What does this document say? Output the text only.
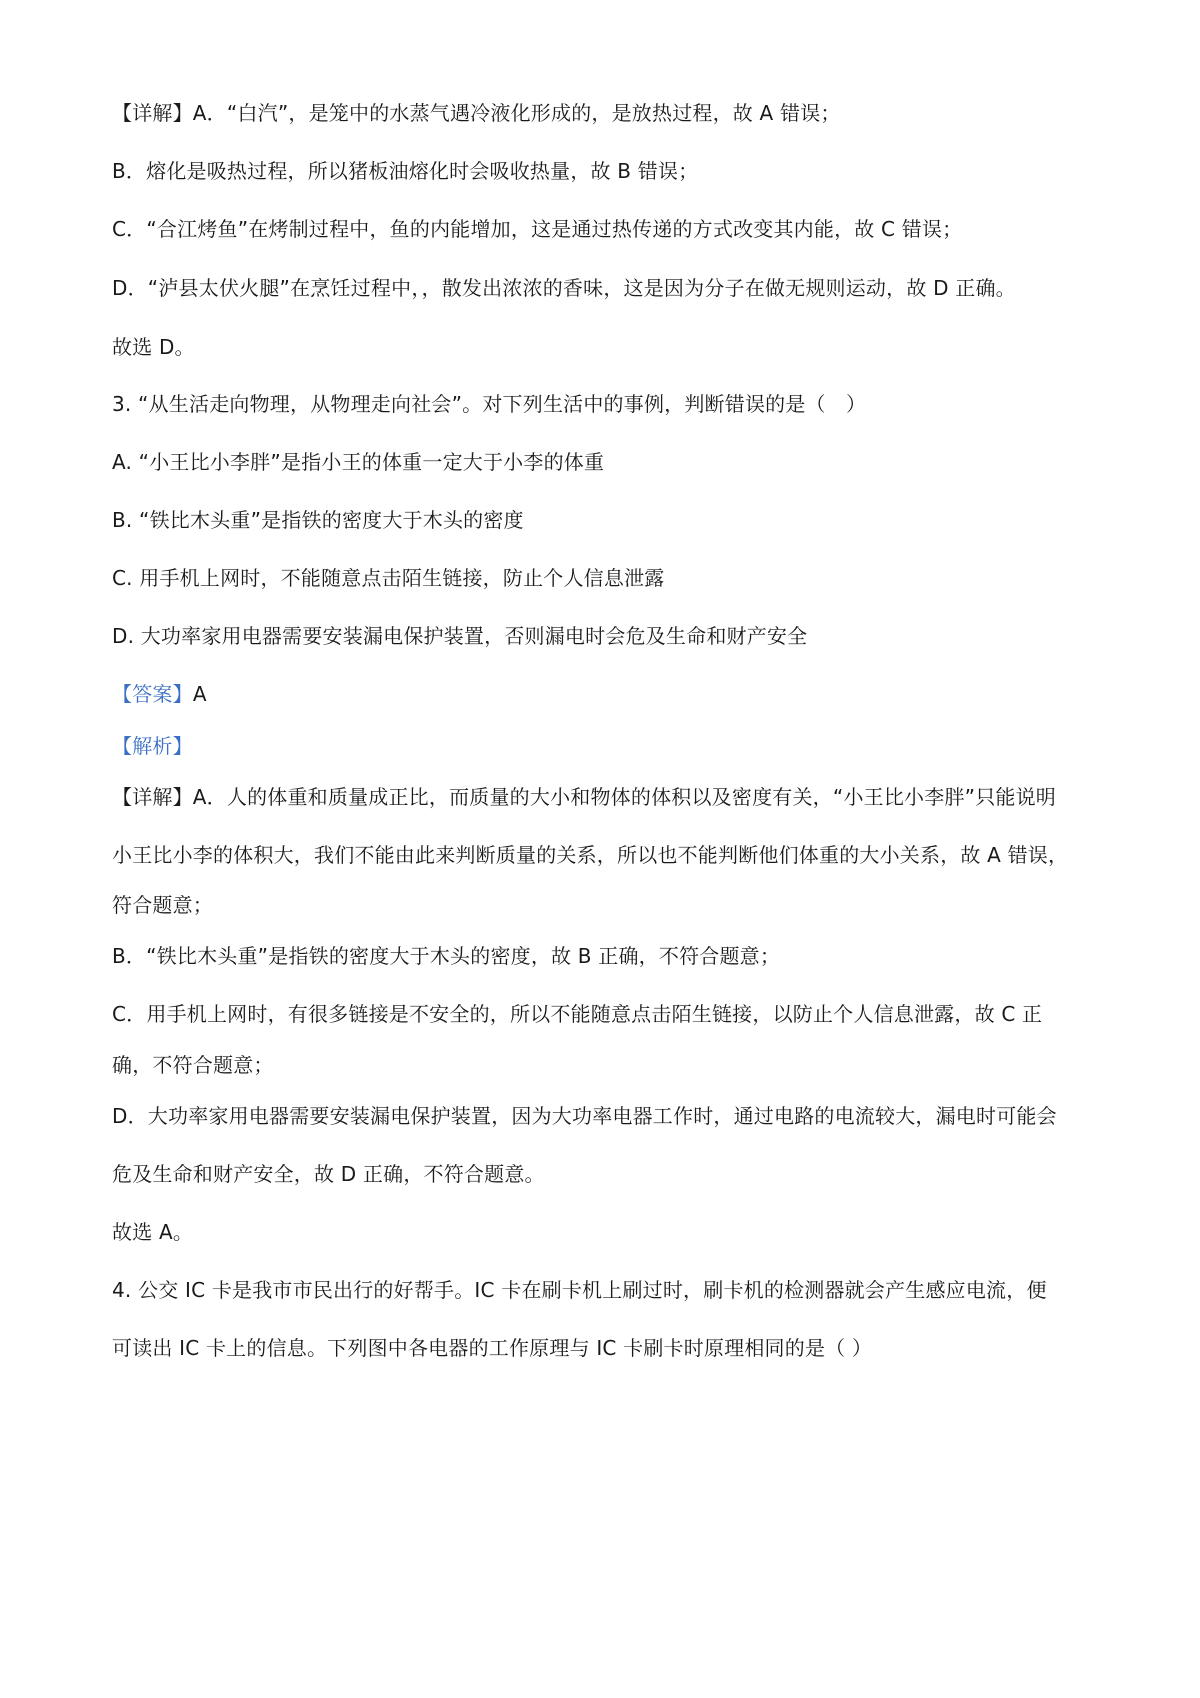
【详解】A．“白汽”，是笼中的水蒸气遇冷液化形成的，是放热过程，故 A 错误；
B．熔化是吸热过程，所以猪板油熔化时会吸收热量，故 B 错误；
C．“合江烤鱼”在烤制过程中，鱼的内能增加，这是通过热传递的方式改变其内能，故 C 错误；
D．“泸县太伏火腿”在烹饪过程中，，散发出浓浓的香味，这是因为分子在做无规则运动，故 D 正确。
故选 D。
3. “从生活走向物理，从物理走向社会”。对下列生活中的事例，判断错误的是（　）
A. “小王比小李胖”是指小王的体重一定大于小李的体重
B. “铁比木头重”是指铁的密度大于木头的密度
C. 用手机上网时，不能随意点击陌生链接，防止个人信息泄露
D. 大功率家用电器需要安装漏电保护装置，否则漏电时会危及生命和财产安全
【答案】A
【解析】
【详解】A．人的体重和质量成正比，而质量的大小和物体的体积以及密度有关，“小王比小李胖”只能说明
小王比小李的体积大，我们不能由此来判断质量的关系，所以也不能判断他们体重的大小关系，故 A 错误，
符合题意；
B．“铁比木头重”是指铁的密度大于木头的密度，故 B 正确，不符合题意；
C．用手机上网时，有很多链接是不安全的，所以不能随意点击陌生链接，以防止个人信息泄露，故 C 正
确，不符合题意；
D．大功率家用电器需要安装漏电保护装置，因为大功率电器工作时，通过电路的电流较大，漏电时可能会
危及生命和财产安全，故 D 正确，不符合题意。
故选 A。
4. 公交 IC 卡是我市市民出行的好帮手。IC 卡在刷卡机上刷过时，刷卡机的检测器就会产生感应电流，便
可读出 IC 卡上的信息。下列图中各电器的工作原理与 IC 卡刷卡时原理相同的是（ ）
